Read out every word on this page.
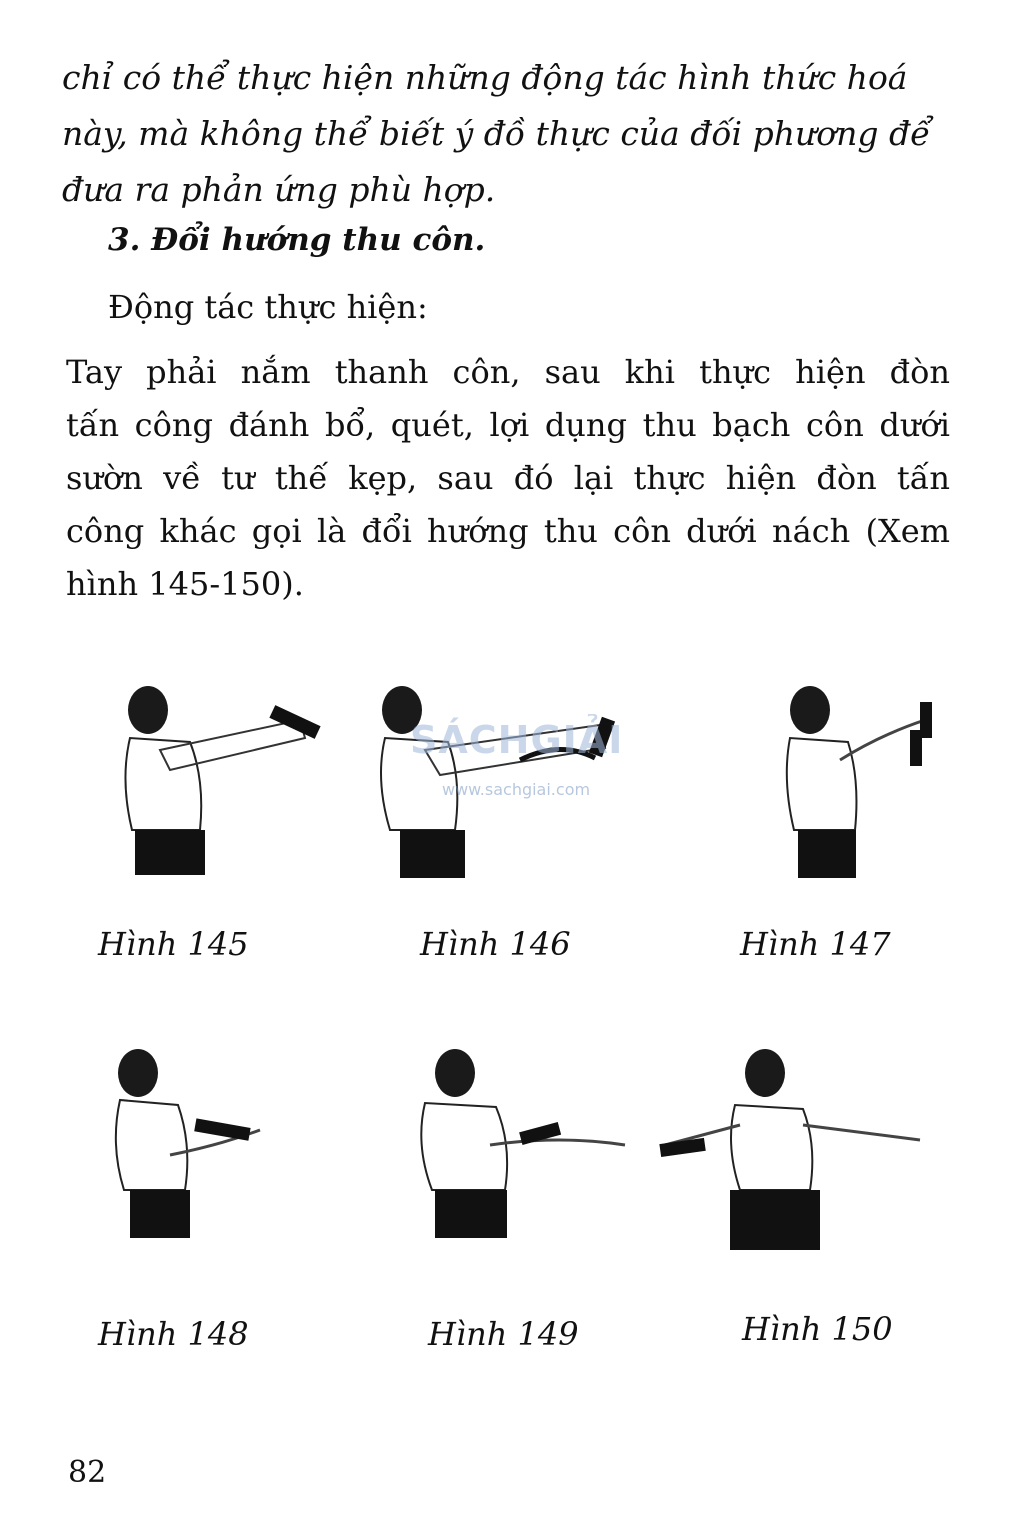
chỉ có thể thực hiện những động tác hình thức hoá
này, mà không thể biết ý đồ thực của đối phương để
đưa ra phản ứng phù hợp.
3. Đổi hướng thu côn.
Động tác thực hiện:
Tay phải nắm thanh côn, sau khi thực hiện đòn
tấn công đánh bổ, quét, lợi dụng thu bạch côn dưới
sườn về tư thế kẹp, sau đó lại thực hiện đòn tấn
công khác gọi là đổi hướng thu côn dưới nách (Xem
hình 145-150).
Hình 145	Hình 146	Hình 147
Hình 148	Hình 149	Hình 150
SÁCHGIẢI
www.sachgiai.com
82
